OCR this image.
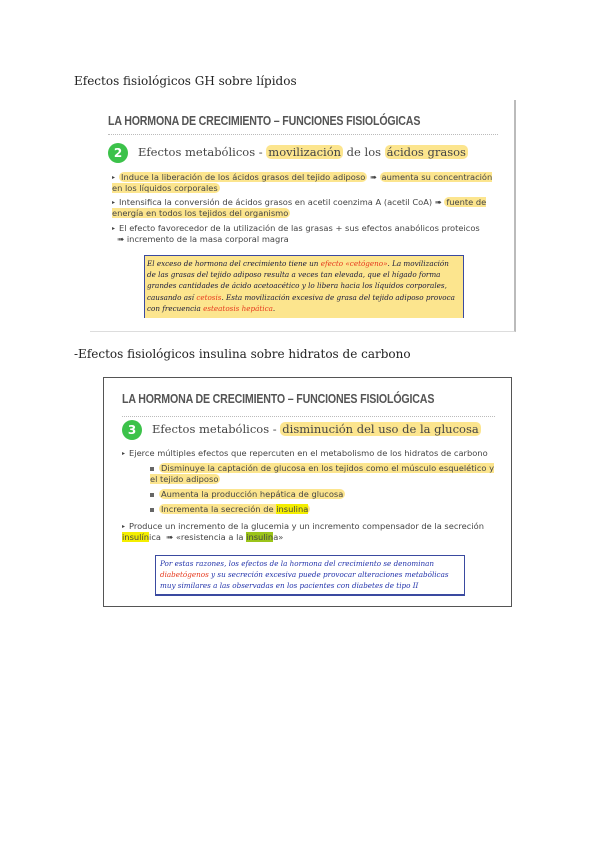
Efectos fisiológicos GH sobre lípidos
LA HORMONA DE CRECIMIENTO – FUNCIONES FISIOLÓGICAS
2	Efectos metabólicos - movilización de los ácidos grasos
▸ Induce la liberación de los ácidos grasos del tejido adiposo ➠ aumenta su concentración en los líquidos corporales
▸ Intensifica la conversión de ácidos grasos en acetil coenzima A (acetil CoA) ➠ fuente de energía en todos los tejidos del organismo
▸ El efecto favorecedor de la utilización de las grasas + sus efectos anabólicos proteicos
➠ incremento de la masa corporal magra
El exceso de hormona del crecimiento tiene un efecto «cetógeno». La movilización de las grasas del tejido adiposo resulta a veces tan elevada, que el hígado forma grandes cantidades de ácido acetoacético y lo libera hacia los líquidos corporales, causando así cetosis. Esta movilización excesiva de grasa del tejido adiposo provoca con frecuencia esteatosis hepática.
-Efectos fisiológicos insulina sobre hidratos de carbono
LA HORMONA DE CRECIMIENTO – FUNCIONES FISIOLÓGICAS
3	Efectos metabólicos - disminución del uso de la glucosa
▸ Ejerce múltiples efectos que repercuten en el metabolismo de los hidratos de carbono
Disminuye la captación de glucosa en los tejidos como el músculo esquelético y el tejido adiposo
Aumenta la producción hepática de glucosa
Incrementa la secreción de insulina
▸ Produce un incremento de la glucemia y un incremento compensador de la secreción insulínica ➠ «resistencia a la insulina»
Por estas razones, los efectos de la hormona del crecimiento se denominan diabetógenos y su secreción excesiva puede provocar alteraciones metabólicas muy similares a las observadas en los pacientes con diabetes de tipo II
